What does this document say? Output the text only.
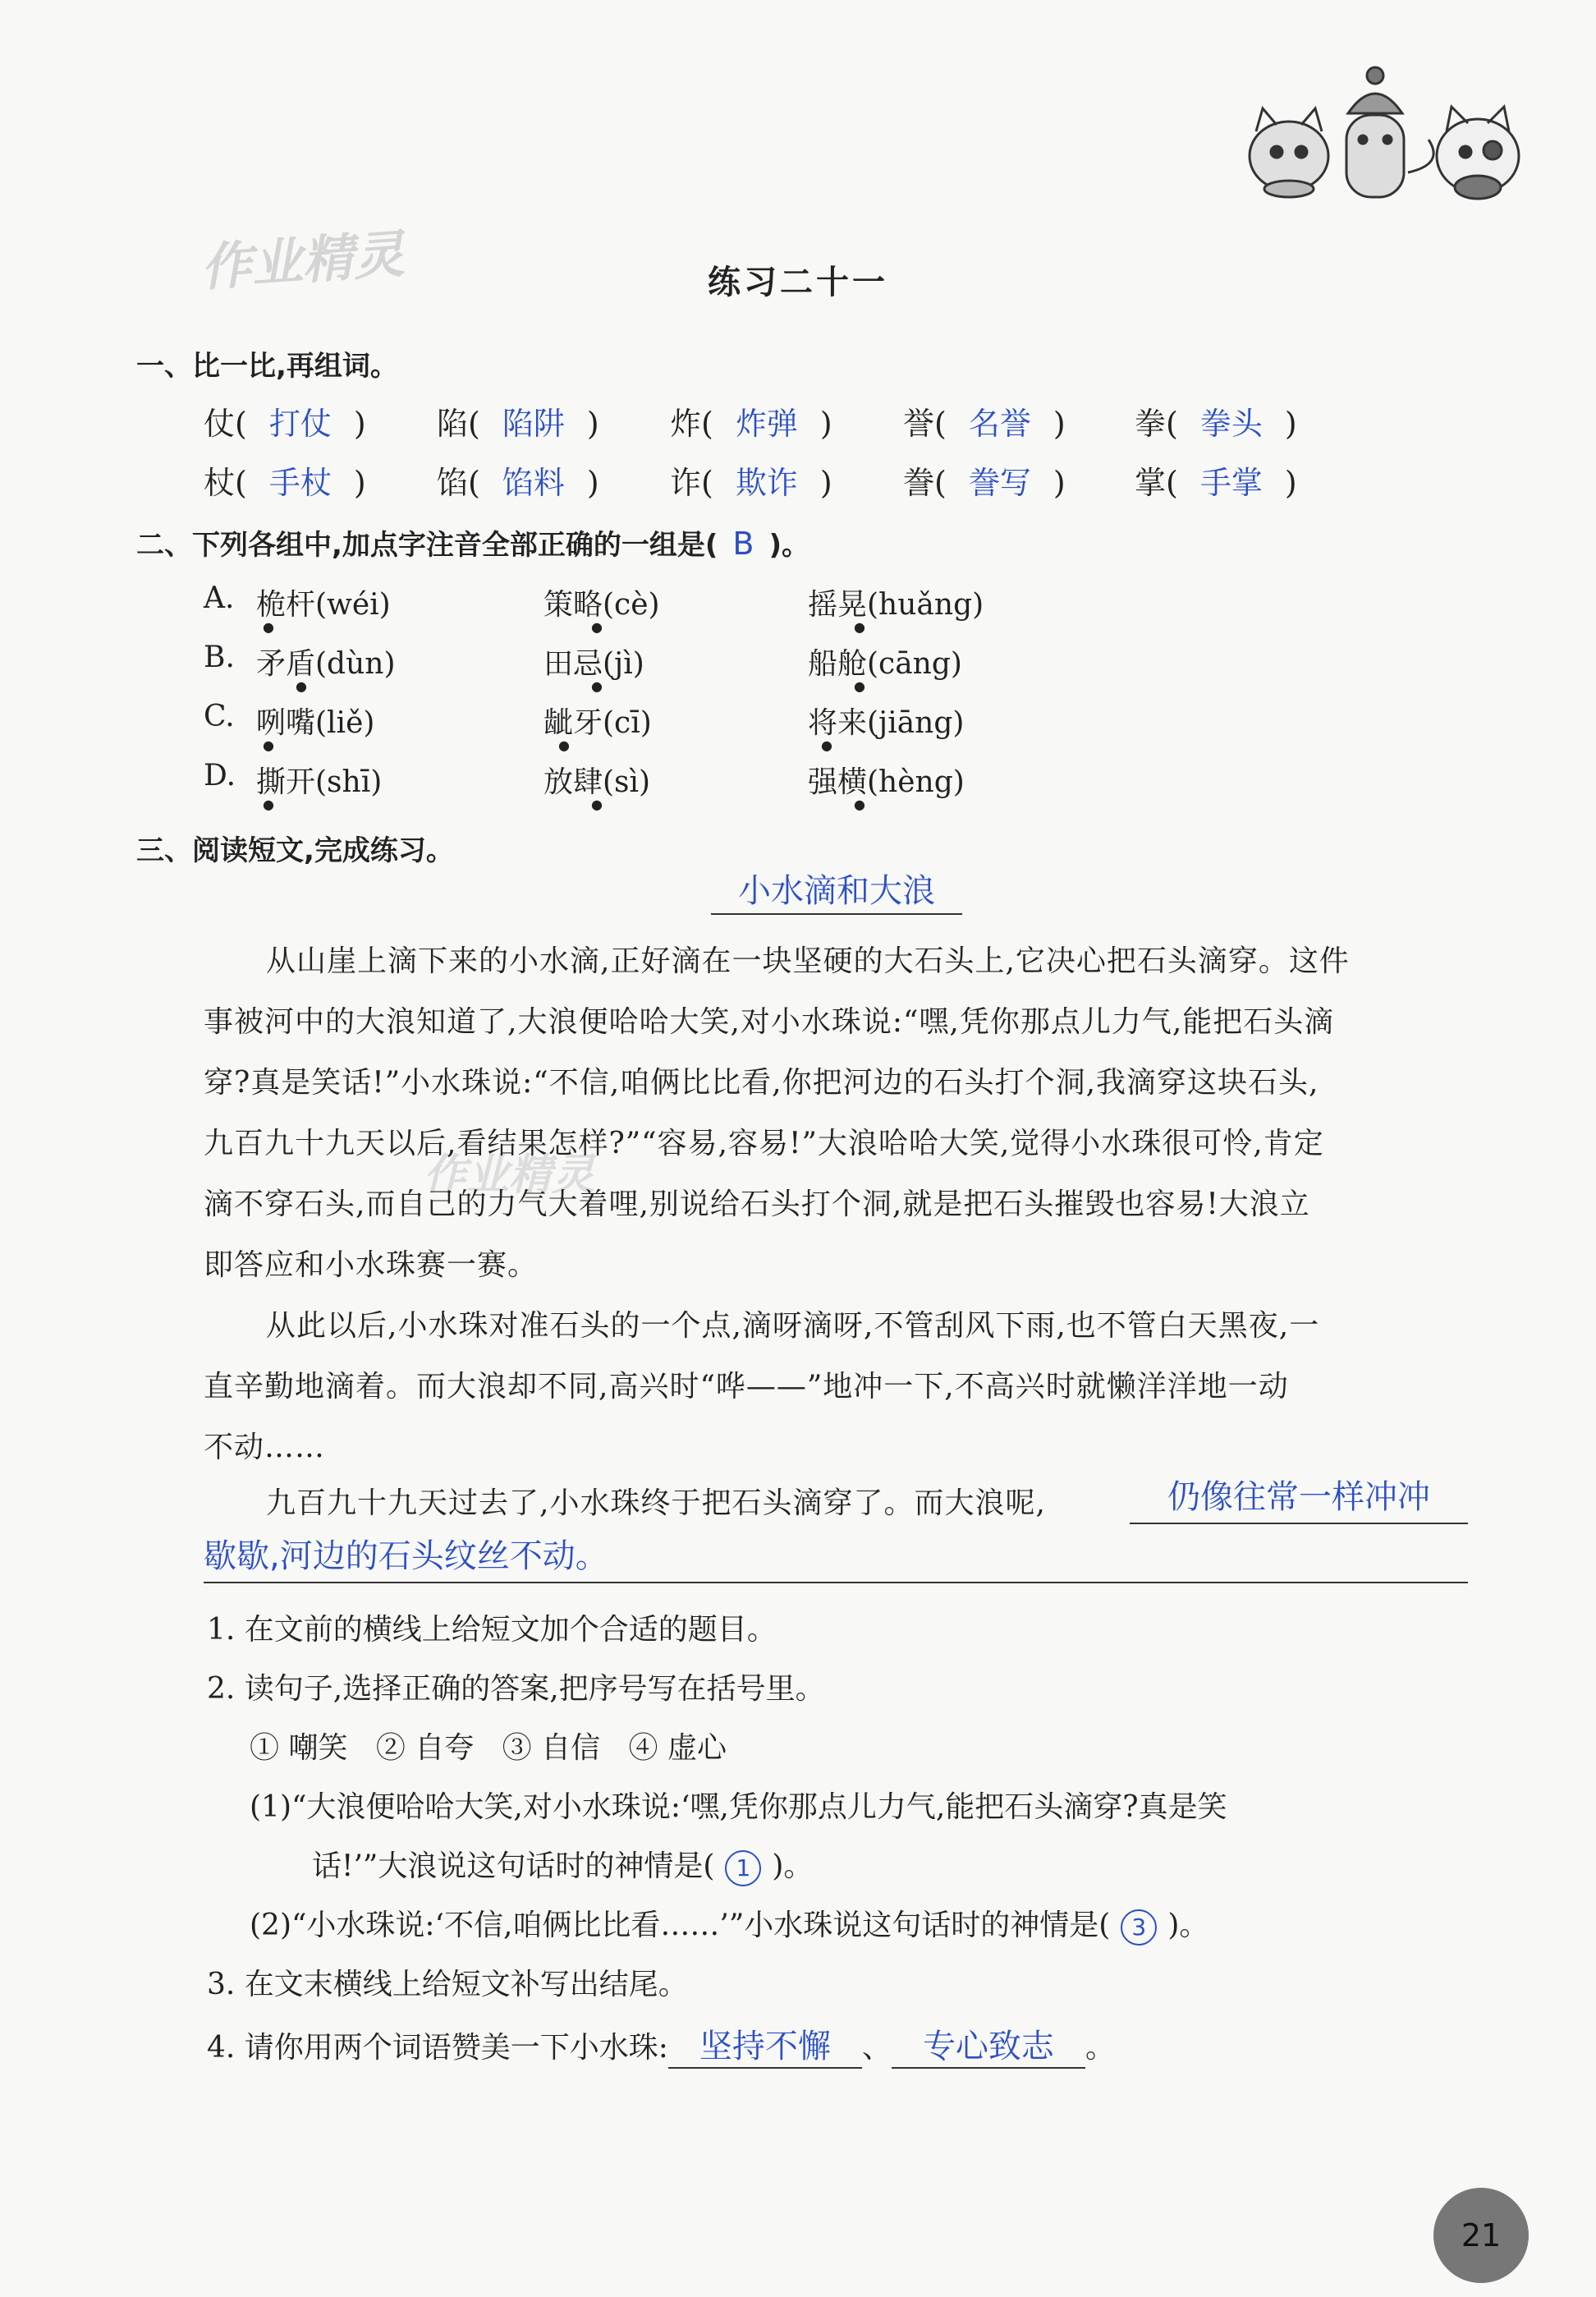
作业精灵
作业精灵
练习二十一
一、比一比,再组词。
仗( 打仗 ) 陷( 陷阱 ) 炸( 炸弹 ) 誉( 名誉 ) 拳( 拳头 )
杖( 手杖 ) 馅( 馅料 ) 诈( 欺诈 ) 誊( 誊写 ) 掌( 手掌 )
二、下列各组中,加点字注音全部正确的一组是( B )。
A. 桅杆(wéi)	策略(cè)	摇晃(huǎng)
B. 矛盾(dùn)	田忌(jì)	船舱(cāng)
C. 咧嘴(liě)	龇牙(cī)	将来(jiāng)
D. 撕开(shī)	放肆(sì)	强横(hèng)
●	●	●
●	●	●
●	●	●
●	●	●
三、阅读短文,完成练习。
小水滴和大浪
从山崖上滴下来的小水滴,正好滴在一块坚硬的大石头上,它决心把石头滴穿。这件
事被河中的大浪知道了,大浪便哈哈大笑,对小水珠说:“嘿,凭你那点儿力气,能把石头滴
穿?真是笑话!”小水珠说:“不信,咱俩比比看,你把河边的石头打个洞,我滴穿这块石头,
九百九十九天以后,看结果怎样?”“容易,容易!”大浪哈哈大笑,觉得小水珠很可怜,肯定
滴不穿石头,而自己的力气大着哩,别说给石头打个洞,就是把石头摧毁也容易!大浪立
即答应和小水珠赛一赛。
从此以后,小水珠对准石头的一个点,滴呀滴呀,不管刮风下雨,也不管白天黑夜,一
直辛勤地滴着。而大浪却不同,高兴时“哗——”地冲一下,不高兴时就懒洋洋地一动
不动……
九百九十九天过去了,小水珠终于把石头滴穿了。而大浪呢,	仍像往常一样冲冲
歇歇,河边的石头纹丝不动。
1. 在文前的横线上给短文加个合适的题目。
2. 读句子,选择正确的答案,把序号写在括号里。
① 嘲笑 ② 自夸 ③ 自信 ④ 虚心
(1)“大浪便哈哈大笑,对小水珠说:‘嘿,凭你那点儿力气,能把石头滴穿?真是笑
话!’”大浪说这句话时的神情是( 1 )。
(2)“小水珠说:‘不信,咱俩比比看……’”小水珠说这句话时的神情是( 3 )。
3. 在文末横线上给短文补写出结尾。
4. 请你用两个词语赞美一下小水珠: 坚持不懈 、 专心致志 。
21
